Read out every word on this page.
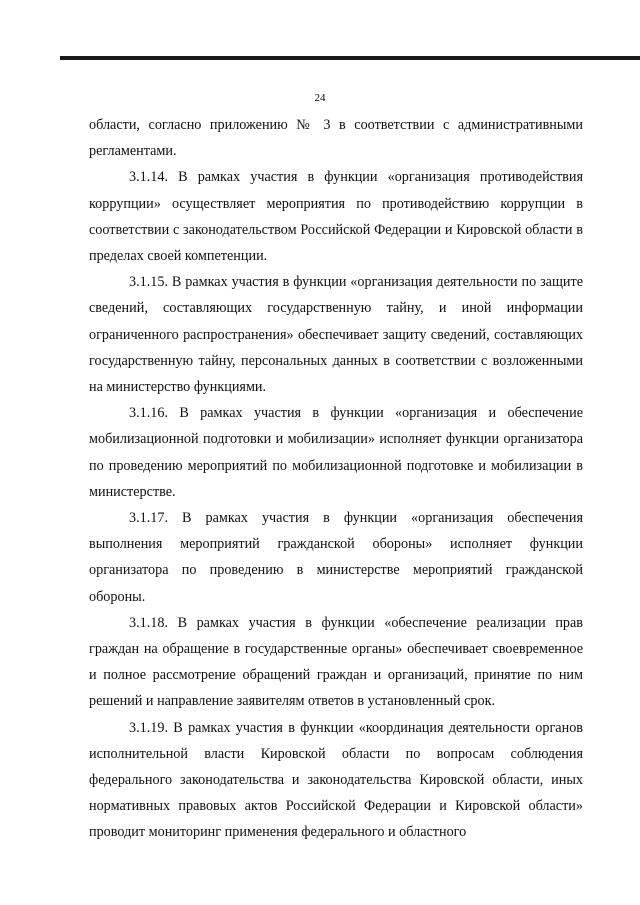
24

области, согласно приложению № 3 в соответствии с административными регламентами.

3.1.14. В рамках участия в функции «организация противодействия коррупции» осуществляет мероприятия по противодействию коррупции в соответствии с законодательством Российской Федерации и Кировской области в пределах своей компетенции.

3.1.15. В рамках участия в функции «организация деятельности по защите сведений, составляющих государственную тайну, и иной информации ограниченного распространения» обеспечивает защиту сведений, составляющих государственную тайну, персональных данных в соответствии с возложенными на министерство функциями.

3.1.16. В рамках участия в функции «организация и обеспечение мобилизационной подготовки и мобилизации» исполняет функции организатора по проведению мероприятий по мобилизационной подготовке и мобилизации в министерстве.

3.1.17. В рамках участия в функции «организация обеспечения выполнения мероприятий гражданской обороны» исполняет функции организатора по проведению в министерстве мероприятий гражданской обороны.

3.1.18. В рамках участия в функции «обеспечение реализации прав граждан на обращение в государственные органы» обеспечивает своевременное и полное рассмотрение обращений граждан и организаций, принятие по ним решений и направление заявителям ответов в установленный срок.

3.1.19. В рамках участия в функции «координация деятельности органов исполнительной власти Кировской области по вопросам соблюдения федерального законодательства и законодательства Кировской области, иных нормативных правовых актов Российской Федерации и Кировской области» проводит мониторинг применения федерального и областного
